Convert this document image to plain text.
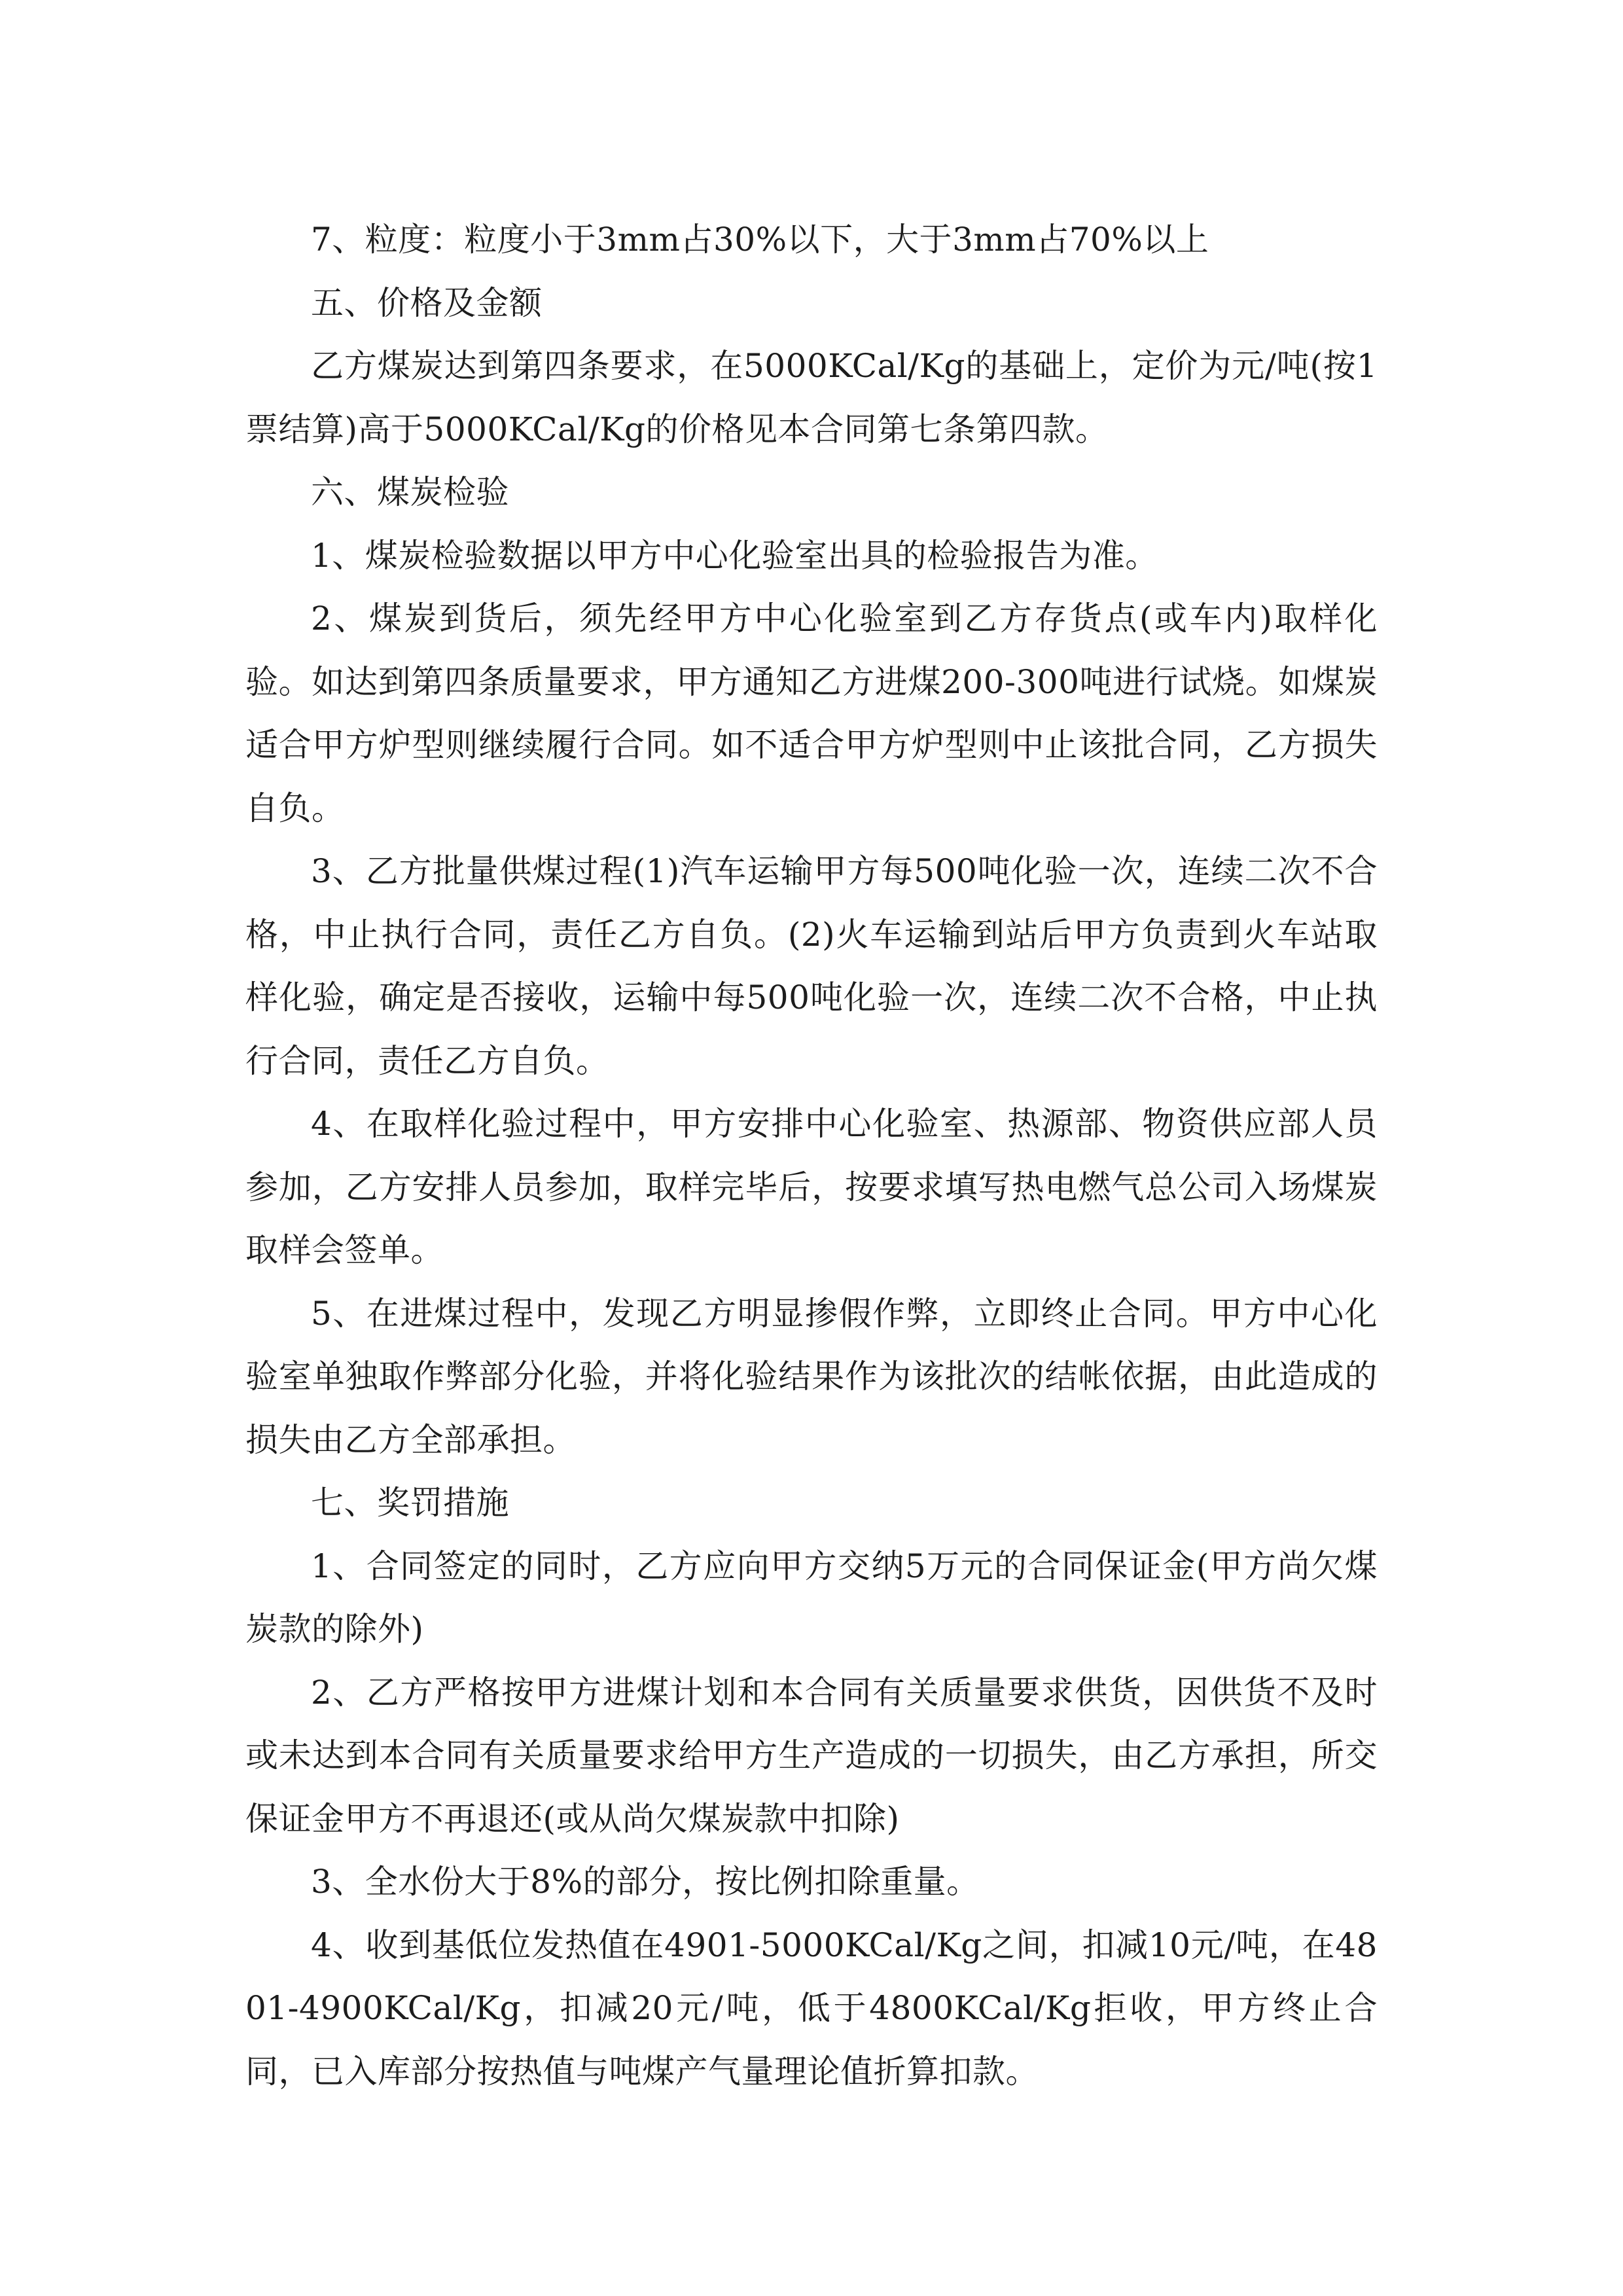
7、粒度：粒度小于3mm占30%以下，大于3mm占70%以上

五、价格及金额

乙方煤炭达到第四条要求，在5000KCal/Kg的基础上，定价为元/吨(按1票结算)高于5000KCal/Kg的价格见本合同第七条第四款。

六、煤炭检验

1、煤炭检验数据以甲方中心化验室出具的检验报告为准。

2、煤炭到货后，须先经甲方中心化验室到乙方存货点(或车内)取样化验。如达到第四条质量要求，甲方通知乙方进煤200-300吨进行试烧。如煤炭适合甲方炉型则继续履行合同。如不适合甲方炉型则中止该批合同，乙方损失自负。

3、乙方批量供煤过程(1)汽车运输甲方每500吨化验一次，连续二次不合格，中止执行合同，责任乙方自负。(2)火车运输到站后甲方负责到火车站取样化验，确定是否接收，运输中每500吨化验一次，连续二次不合格，中止执行合同，责任乙方自负。

4、在取样化验过程中，甲方安排中心化验室、热源部、物资供应部人员参加，乙方安排人员参加，取样完毕后，按要求填写热电燃气总公司入场煤炭取样会签单。

5、在进煤过程中，发现乙方明显掺假作弊，立即终止合同。甲方中心化验室单独取作弊部分化验，并将化验结果作为该批次的结帐依据，由此造成的损失由乙方全部承担。

七、奖罚措施

1、合同签定的同时，乙方应向甲方交纳5万元的合同保证金(甲方尚欠煤炭款的除外)

2、乙方严格按甲方进煤计划和本合同有关质量要求供货，因供货不及时或未达到本合同有关质量要求给甲方生产造成的一切损失，由乙方承担，所交保证金甲方不再退还(或从尚欠煤炭款中扣除)

3、全水份大于8%的部分，按比例扣除重量。

4、收到基低位发热值在4901-5000KCal/Kg之间，扣减10元/吨，在4801-4900KCal/Kg，扣减20元/吨，低于4800KCal/Kg拒收，甲方终止合同，已入库部分按热值与吨煤产气量理论值折算扣款。
